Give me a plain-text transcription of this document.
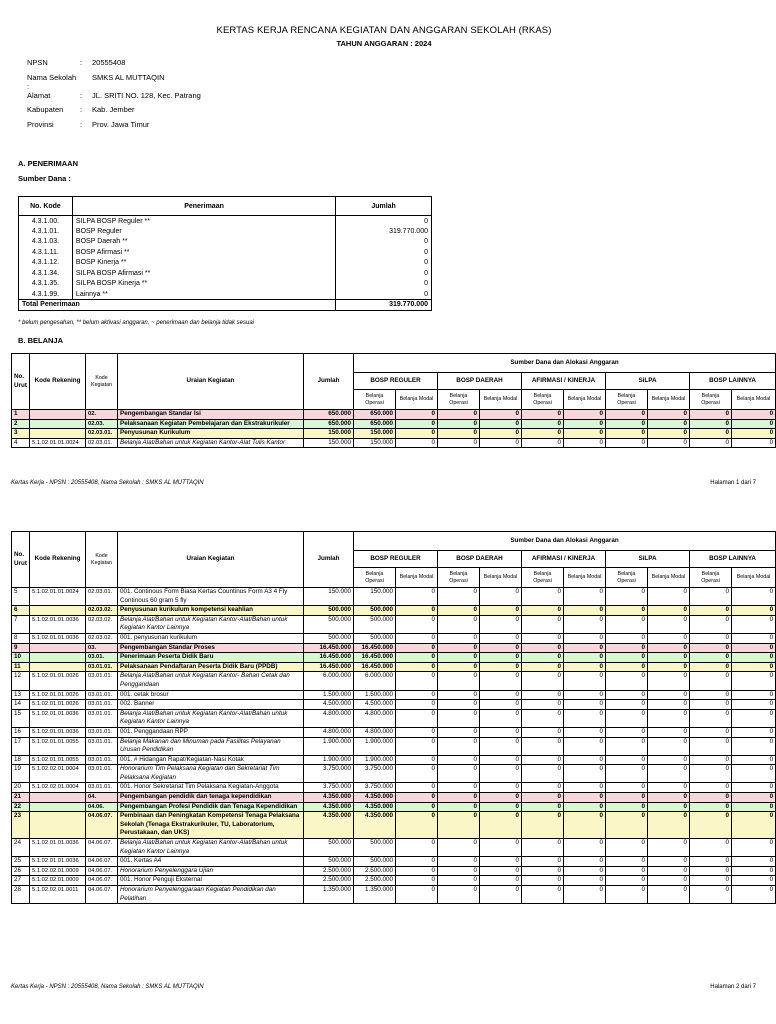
KERTAS KERJA RENCANA KEGIATAN DAN ANGGARAN SEKOLAH (RKAS)
TAHUN ANGGARAN : 2024
NPSN	:	20555408
Nama Sekolah :		SMKS AL MUTTAQIN
Alamat	:	JL. SRITI NO. 128, Kec. Patrang
Kabupaten	:	Kab. Jember
Provinsi	:	Prov. Jawa Timur
A. PENERIMAAN
Sumber Dana :
No. Kode	Penerimaan	Jumlah
4.3.1.00.	SILPA BOSP Reguler **	0
4.3.1.01.	BOSP Reguler	319.770.000
4.3.1.03.	BOSP Daerah **	0
4.3.1.11.	BOSP Afirmasi **	0
4.3.1.12.	BOSP Kinerja **	0
4.3.1.34.	SILPA BOSP Afirmasi **	0
4.3.1.35.	SILPA BOSP Kinerja **	0
4.3.1.99.	Lainnya **	0
Total Penerimaan		319.770.000
* belum pengesahan, ** belum aktivasi anggaran, ~ penerimaan dan belanja tidak sesuai
B. BELANJA
No. Urut	Kode Rekening	Kode Kegiatan	Uraian Kegiatan	Jumlah	Sumber Dana dan Alokasi Anggaran									
					BOSP REGULER		BOSP DAERAH		AFIRMASI / KINERJA		SiLPA		BOSP LAINNYA	
					Belanja Operasi	Belanja Modal	Belanja Operasi	Belanja Modal	Belanja Operasi	Belanja Modal	Belanja Operasi	Belanja Modal	Belanja Operasi	Belanja Modal
1		02.	Pengembangan Standar Isi	650.000	650.000	0	0	0	0	0	0	0	0	0
2		02.03.	Pelaksanaan Kegiatan Pembelajaran dan Ekstrakurikuler	650.000	650.000	0	0	0	0	0	0	0	0	0
3		02.03.01.	Penyusunan Kurikulum	150.000	150.000	0	0	0	0	0	0	0	0	0
4	5.1.02.01.01.0024	02.03.01.	Belanja Alat/Bahan untuk Kegiatan Kantor-Alat Tulis Kantor	150.000	150.000	0	0	0	0	0	0	0	0	0
Kertas Kerja - NPSN : 20555408, Nama Sekolah : SMKS AL MUTTAQIN	Halaman 1 dari 7
No. Urut	Kode Rekening	Kode Kegiatan	Uraian Kegiatan	Jumlah	Sumber Dana dan Alokasi Anggaran									
					BOSP REGULER		BOSP DAERAH		AFIRMASI / KINERJA		SiLPA		BOSP LAINNYA	
					Belanja Operasi	Belanja Modal	Belanja Operasi	Belanja Modal	Belanja Operasi	Belanja Modal	Belanja Operasi	Belanja Modal	Belanja Operasi	Belanja Modal
5	5.1.02.01.01.0024	02.03.01.	001. Continous Form Biasa Kertas Countinus Form A3 4 Fly Continous 60 gram 5 fly	150.000	150.000	0	0	0	0	0	0	0	0	0
6		02.03.02.	Penyusunan kurikulum kompetensi keahlian	500.000	500.000	0	0	0	0	0	0	0	0	0
7	5.1.02.01.01.0036	02.03.02.	Belanja Alat/Bahan untuk Kegiatan Kantor-Alat/Bahan untuk Kegiatan Kantor Lainnya	500.000	500.000	0	0	0	0	0	0	0	0	0
8	5.1.02.01.01.0036	02.03.02.	001. penyusunan kurikulum	500.000	500.000	0	0	0	0	0	0	0	0	0
9		03.	Pengembangan Standar Proses	16.450.000	16.450.000	0	0	0	0	0	0	0	0	0
10		03.01.	Penerimaan Peserta Didik Baru	16.450.000	16.450.000	0	0	0	0	0	0	0	0	0
11		03.01.01.	Pelaksanaan Pendaftaran Peserta Didik Baru (PPDB)	16.450.000	16.450.000	0	0	0	0	0	0	0	0	0
12	5.1.02.01.01.0026	03.01.01.	Belanja Alat/Bahan untuk Kegiatan Kantor- Bahan Cetak dan Penggandaan	6.000.000	6.000.000	0	0	0	0	0	0	0	0	0
13	5.1.02.01.01.0026	03.01.01.	001. cetak brosur	1.500.000	1.500.000	0	0	0	0	0	0	0	0	0
14	5.1.02.01.01.0026	03.01.01.	002. Banner	4.500.000	4.500.000	0	0	0	0	0	0	0	0	0
15	5.1.02.01.01.0036	03.01.01.	Belanja Alat/Bahan untuk Kegiatan Kantor-Alat/Bahan untuk Kegiatan Kantor Lainnya	4.800.000	4.800.000	0	0	0	0	0	0	0	0	0
16	5.1.02.01.01.0036	03.01.01.	001. Penggandaan RPP	4.800.000	4.800.000	0	0	0	0	0	0	0	0	0
17	5.1.02.01.01.0055	03.01.01.	Belanja Makanan dan Minuman pada Fasilitas Pelayanan Urusan Pendidikan	1.900.000	1.900.000	0	0	0	0	0	0	0	0	0
18	5.1.02.01.01.0055	03.01.01.	001. # Hidangan Rapat/Kegiatan-Nasi Kotak	1.900.000	1.900.000	0	0	0	0	0	0	0	0	0
19	5.1.02.02.01.0004	03.01.01.	Honorarium Tim Pelaksana Kegiatan dan Sekretariat Tim Pelaksana Kegiatan	3.750.000	3.750.000	0	0	0	0	0	0	0	0	0
20	5.1.02.02.01.0004	03.01.01.	001. Honor Sekretariat Tim Pelaksana Kegiatan-Anggota	3.750.000	3.750.000	0	0	0	0	0	0	0	0	0
21		04.	Pengembangan pendidik dan tenaga kependidikan	4.350.000	4.350.000	0	0	0	0	0	0	0	0	0
22		04.06.	Pengembangan Profesi Pendidik dan Tenaga Kependidikan	4.350.000	4.350.000	0	0	0	0	0	0	0	0	0
23		04.06.07.	Pembinaan dan Peningkatan Kompetensi Tenaga Pelaksana Sekolah (Tenaga Ekstrakurikuler, TU, Laboratorium, Perustakaan, dan UKS)	4.350.000	4.350.000	0	0	0	0	0	0	0	0	0
24	5.1.02.01.01.0036	04.06.07.	Belanja Alat/Bahan untuk Kegiatan Kantor-Alat/Bahan untuk Kegiatan Kantor Lainnya	500.000	500.000	0	0	0	0	0	0	0	0	0
25	5.1.02.01.01.0036	04.06.07.	001. Kertas A4	500.000	500.000	0	0	0	0	0	0	0	0	0
26	5.1.02.02.01.0009	04.06.07.	Honorarium Penyelenggara Ujian	2.500.000	2.500.000	0	0	0	0	0	0	0	0	0
27	5.1.02.02.01.0009	04.06.07.	001. Honor Penguji Eksternal	2.500.000	2.500.000	0	0	0	0	0	0	0	0	0
28	5.1.02.02.01.0011	04.06.07.	Honorarium Penyelenggaraan Kegiatan Pendidikan dan Pelatihan	1.350.000	1.350.000	0	0	0	0	0	0	0	0	0
Kertas Kerja - NPSN : 20555408, Nama Sekolah : SMKS AL MUTTAQIN	Halaman 2 dari 7
